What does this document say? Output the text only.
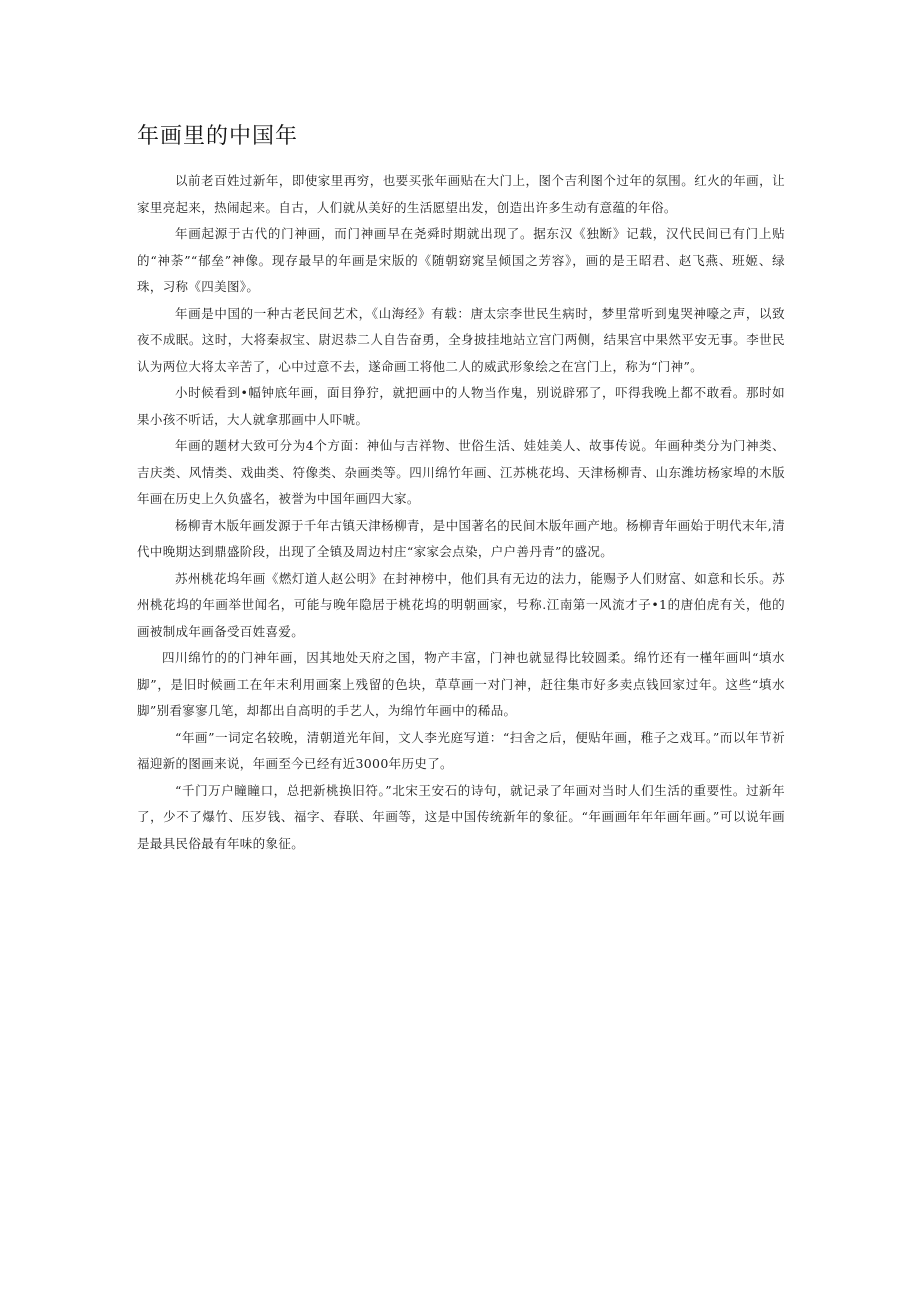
年画里的中国年

以前老百姓过新年，即使家里再穷，也要买张年画贴在大门上，图个吉利图个过年的氛围。红火的年画，让家里亮起来，热闹起来。自古，人们就从美好的生活愿望出发，创造出许多生动有意蕴的年俗。

年画起源于古代的门神画，而门神画早在尧舜时期就出现了。据东汉《独断》记载，汉代民间已有门上贴的“神荼”“郁垒”神像。现存最早的年画是宋版的《随朝窈窕呈倾国之芳容》，画的是王昭君、赵飞燕、班姬、绿珠，习称《四美图》。

年画是中国的一种古老民间艺术，《山海经》有载：唐太宗李世民生病时，梦里常听到鬼哭神嚎之声，以致夜不成眠。这时，大将秦叔宝、尉迟恭二人自告奋勇，全身披挂地站立宫门两侧，结果宫中果然平安无事。李世民认为两位大将太辛苦了，心中过意不去，遂命画工将他二人的威武形象绘之在宫门上，称为“门神”。

小时候看到•幅钟底年画，面目狰狞，就把画中的人物当作鬼，别说辟邪了，吓得我晚上都不敢看。那时如果小孩不听话，大人就拿那画中人吓唬。

年画的题材大致可分为4个方面：神仙与吉祥物、世俗生活、娃娃美人、故事传说。年画种类分为门神类、吉庆类、风情类、戏曲类、符像类、杂画类等。四川绵竹年画、江苏桃花坞、天津杨柳青、山东潍坊杨家埠的木版年画在历史上久负盛名，被誉为中国年画四大家。

杨柳青木版年画发源于千年古镇天津杨柳青，是中国著名的民间木版年画产地。杨柳青年画始于明代末年,清代中晚期达到鼎盛阶段，出现了全镇及周边村庄“家家会点染，户户善丹青”的盛况。

苏州桃花坞年画《燃灯道人赵公明》在封神榜中，他们具有无边的法力，能赐予人们财富、如意和长乐。苏州桃花坞的年画举世闻名，可能与晚年隐居于桃花坞的明朝画家，号称.江南第一风流才子•1的唐伯虎有关，他的画被制成年画备受百姓喜爱。

四川绵竹的的门神年画，因其地处天府之国，物产丰富，门神也就显得比较圆柔。绵竹还有一槿年画叫“填水脚”，是旧时候画工在年末利用画案上残留的色块，草草画一对门神，赶往集市好多卖点钱回家过年。这些“填水脚”别看寥寥几笔，却都出自高明的手艺人，为绵竹年画中的稀品。

“年画”一词定名较晚，清朝道光年间，文人李光庭写道：“扫舍之后，便贴年画，稚子之戏耳。”而以年节祈福迎新的图画来说，年画至今已经有近3000年历史了。

“千门万户瞳瞳口，总把新桃换旧符。”北宋王安石的诗句，就记录了年画对当时人们生活的重要性。过新年了，少不了爆竹、压岁钱、福字、春联、年画等，这是中国传统新年的象征。“年画画年年年画年画。”可以说年画是最具民俗最有年味的象征。
